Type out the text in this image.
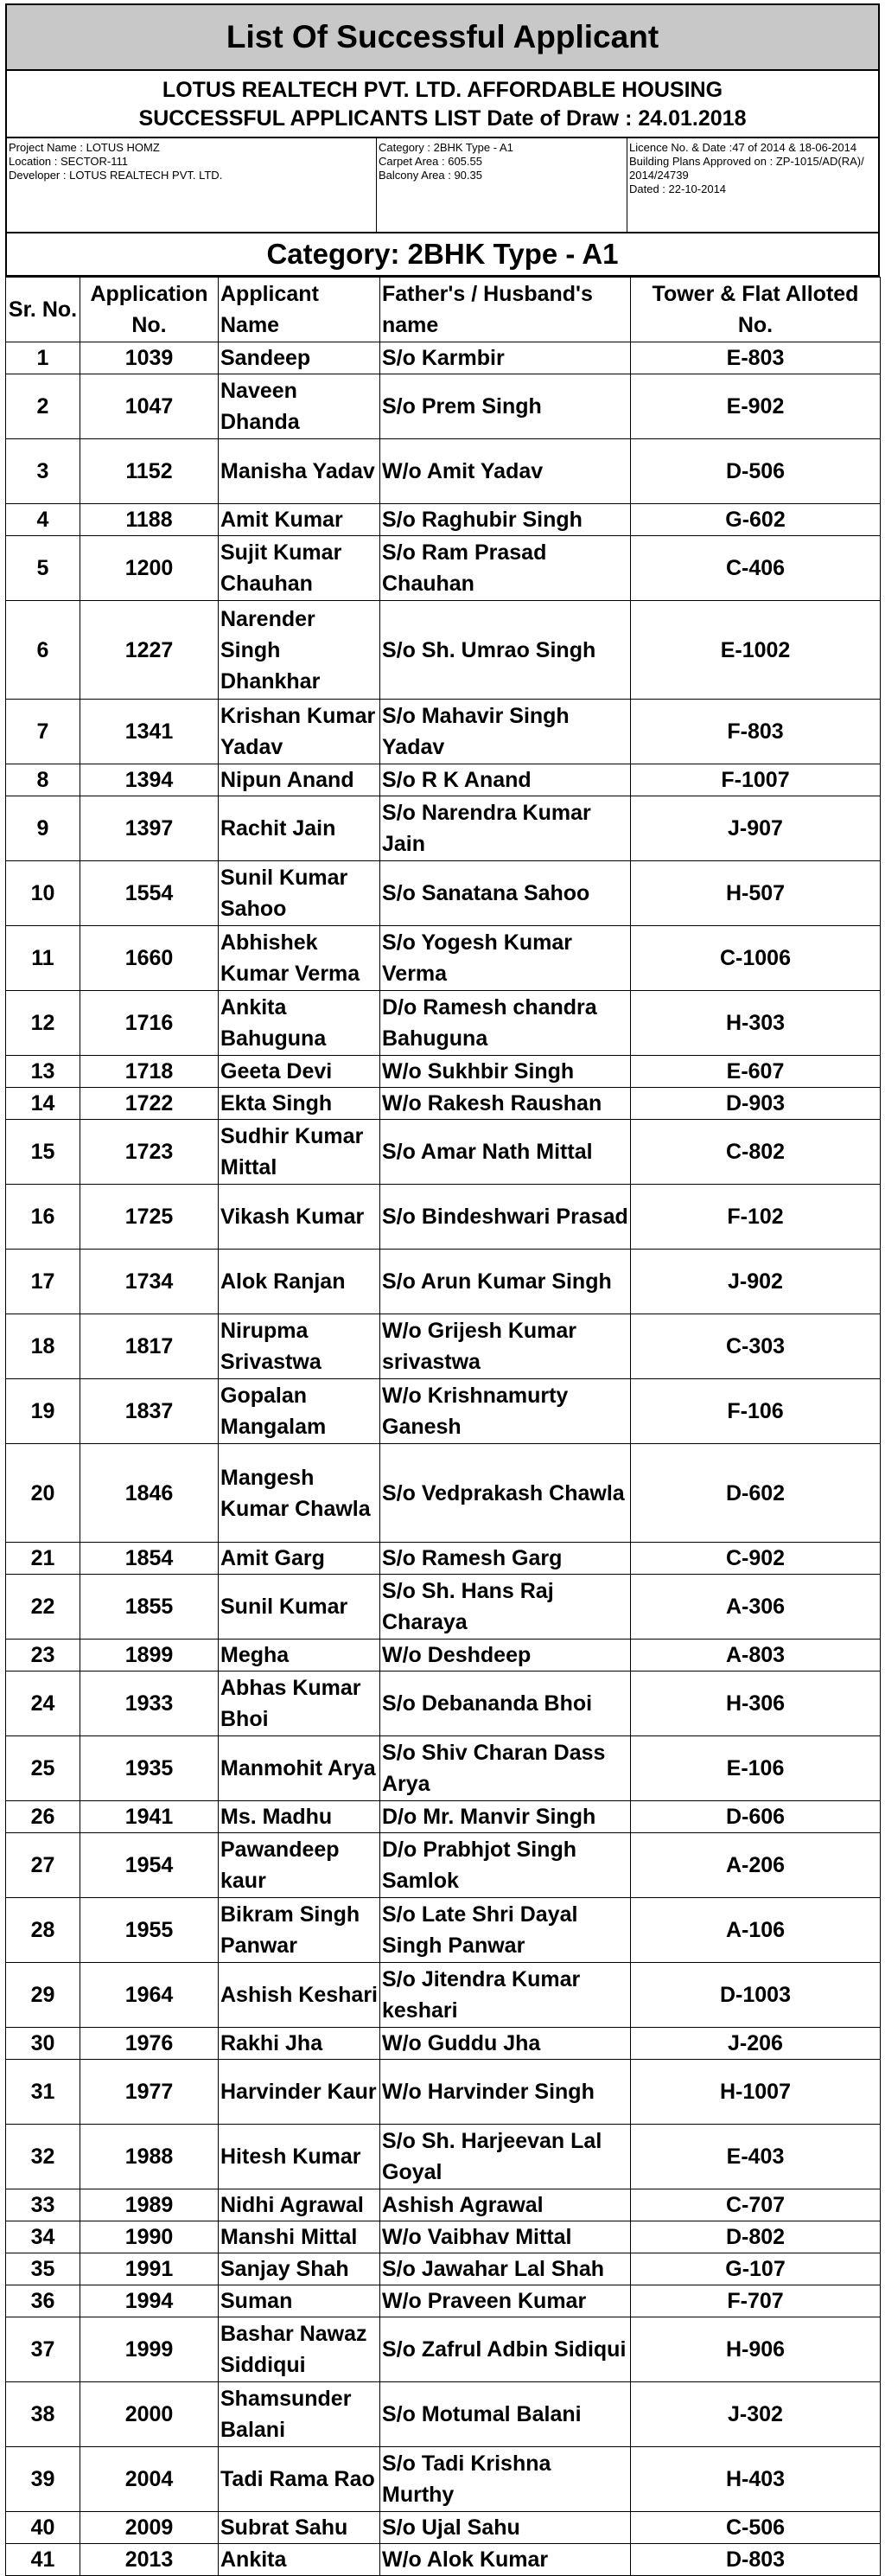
List Of Successful Applicant
LOTUS REALTECH PVT. LTD. AFFORDABLE HOUSING
SUCCESSFUL APPLICANTS LIST Date of Draw : 24.01.2018
Project Name : LOTUS HOMZ
Location : SECTOR-111
Developer : LOTUS REALTECH PVT. LTD.
Category : 2BHK Type - A1
Carpet Area : 605.55
Balcony Area : 90.35
Licence No. & Date :47 of 2014 & 18-06-2014
Building Plans Approved on : ZP-1015/AD(RA)/ 2014/24739
Dated : 22-10-2014
Category: 2BHK Type - A1
Sr. No.	Application No.	Applicant Name	Father's / Husband's name	Tower & Flat Alloted No.
1	1039	Sandeep	S/o Karmbir	E-803
2	1047	Naveen Dhanda	S/o Prem Singh	E-902
3	1152	Manisha Yadav	W/o Amit Yadav	D-506
4	1188	Amit Kumar	S/o Raghubir Singh	G-602
5	1200	Sujit Kumar Chauhan	S/o Ram Prasad Chauhan	C-406
6	1227	Narender Singh Dhankhar	S/o Sh. Umrao Singh	E-1002
7	1341	Krishan Kumar Yadav	S/o Mahavir Singh Yadav	F-803
8	1394	Nipun Anand	S/o R K Anand	F-1007
9	1397	Rachit Jain	S/o Narendra Kumar Jain	J-907
10	1554	Sunil Kumar Sahoo	S/o Sanatana Sahoo	H-507
11	1660	Abhishek Kumar Verma	S/o Yogesh Kumar Verma	C-1006
12	1716	Ankita Bahuguna	D/o Ramesh chandra Bahuguna	H-303
13	1718	Geeta Devi	W/o Sukhbir Singh	E-607
14	1722	Ekta Singh	W/o Rakesh Raushan	D-903
15	1723	Sudhir Kumar Mittal	S/o Amar Nath Mittal	C-802
16	1725	Vikash Kumar	S/o Bindeshwari Prasad	F-102
17	1734	Alok Ranjan	S/o Arun Kumar Singh	J-902
18	1817	Nirupma Srivastwa	W/o Grijesh Kumar srivastwa	C-303
19	1837	Gopalan Mangalam	W/o Krishnamurty Ganesh	F-106
20	1846	Mangesh Kumar Chawla	S/o Vedprakash Chawla	D-602
21	1854	Amit Garg	S/o Ramesh Garg	C-902
22	1855	Sunil Kumar	S/o Sh. Hans Raj Charaya	A-306
23	1899	Megha	W/o Deshdeep	A-803
24	1933	Abhas Kumar Bhoi	S/o Debananda Bhoi	H-306
25	1935	Manmohit Arya	S/o Shiv Charan Dass Arya	E-106
26	1941	Ms. Madhu	D/o Mr. Manvir Singh	D-606
27	1954	Pawandeep kaur	D/o Prabhjot Singh Samlok	A-206
28	1955	Bikram Singh Panwar	S/o Late Shri Dayal Singh Panwar	A-106
29	1964	Ashish Keshari	S/o Jitendra Kumar keshari	D-1003
30	1976	Rakhi Jha	W/o Guddu Jha	J-206
31	1977	Harvinder Kaur	W/o Harvinder Singh	H-1007
32	1988	Hitesh Kumar	S/o Sh. Harjeevan Lal Goyal	E-403
33	1989	Nidhi Agrawal	Ashish Agrawal	C-707
34	1990	Manshi Mittal	W/o Vaibhav Mittal	D-802
35	1991	Sanjay Shah	S/o Jawahar Lal Shah	G-107
36	1994	Suman	W/o Praveen Kumar	F-707
37	1999	Bashar Nawaz Siddiqui	S/o Zafrul Adbin Sidiqui	H-906
38	2000	Shamsunder Balani	S/o Motumal Balani	J-302
39	2004	Tadi Rama Rao	S/o Tadi Krishna Murthy	H-403
40	2009	Subrat Sahu	S/o Ujal Sahu	C-506
41	2013	Ankita	W/o Alok Kumar	D-803
